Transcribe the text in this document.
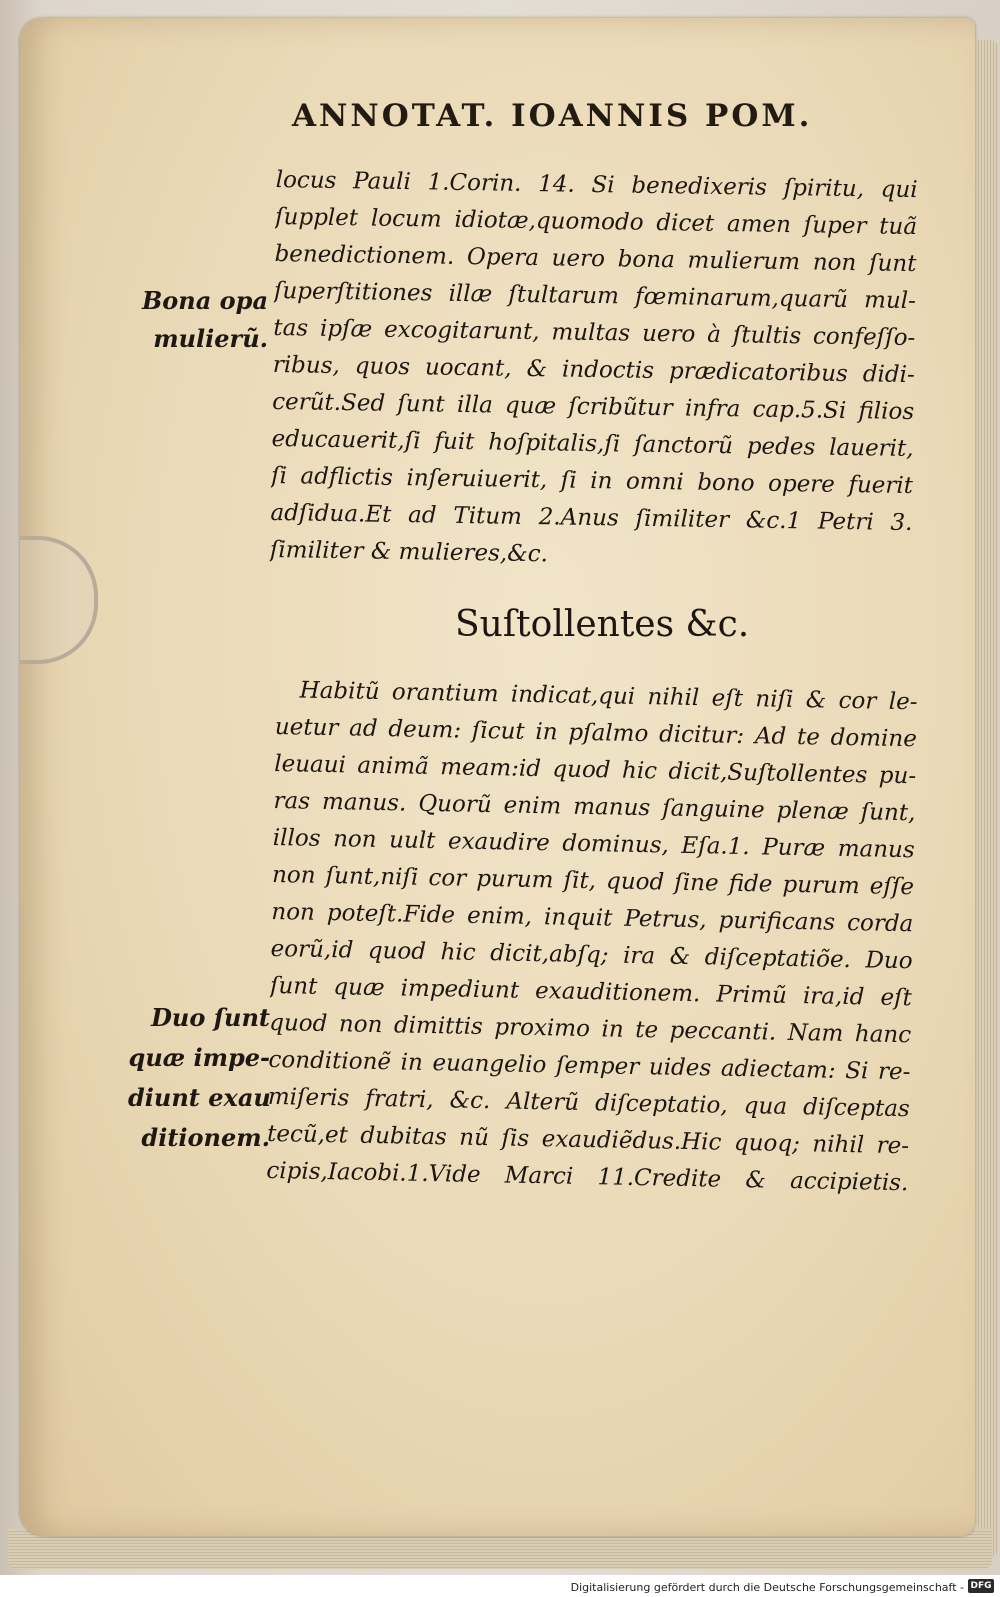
ANNOTAT. IOANNIS POM.
locus Pauli 1.Corin. 14. Si benedixeris ſpiritu, qui
ſupplet locum idiotæ,quomodo dicet amen ſuper tuã
benedictionem. Opera uero bona mulierum non ſunt
ſuperſtitiones illæ ſtultarum fœminarum,quarũ mul-
tas ipſæ excogitarunt, multas uero à ſtultis confeſſo-
ribus, quos uocant, & indoctis prædicatoribus didi-
cerũt.Sed ſunt illa quæ ſcribũtur infra cap.5.Si filios
educauerit,ſi fuit hoſpitalis,ſi ſanctorũ pedes lauerit,
ſi adflictis inſeruiuerit, ſi in omni bono opere fuerit
adſidua.Et ad Titum 2.Anus ſimiliter &c.1 Petri 3.
ſimiliter & mulieres,&c.
Suſtollentes &c.
Habitũ orantium indicat,qui nihil eſt niſi & cor le-
uetur ad deum: ſicut in pſalmo dicitur: Ad te domine
leuaui animã meam:id quod hic dicit,Suſtollentes pu-
ras manus. Quorũ enim manus ſanguine plenæ ſunt,
illos non uult exaudire dominus, Eſa.1. Puræ manus
non ſunt,niſi cor purum ſit, quod ſine fide purum eſſe
non poteſt.Fide enim, inquit Petrus, purificans corda
eorũ,id quod hic dicit,abſq; ira & diſceptatiõe. Duo
ſunt quæ impediunt exauditionem. Primũ ira,id eſt
quod non dimittis proximo in te peccanti. Nam hanc
conditionẽ in euangelio ſemper uides adiectam: Si re-
miſeris fratri, &c. Alterũ diſceptatio, qua diſceptas
tecũ,et dubitas nũ ſis exaudiẽdus.Hic quoq; nihil re-
cipis,Iacobi.1.Vide Marci 11.Credite & accipietis.
Bona opa
mulierũ.
Duo ſunt
quæ impe-
diunt exau
ditionem.
Digitalisierung gefördert durch die Deutsche Forschungsgemeinschaft - DFG
